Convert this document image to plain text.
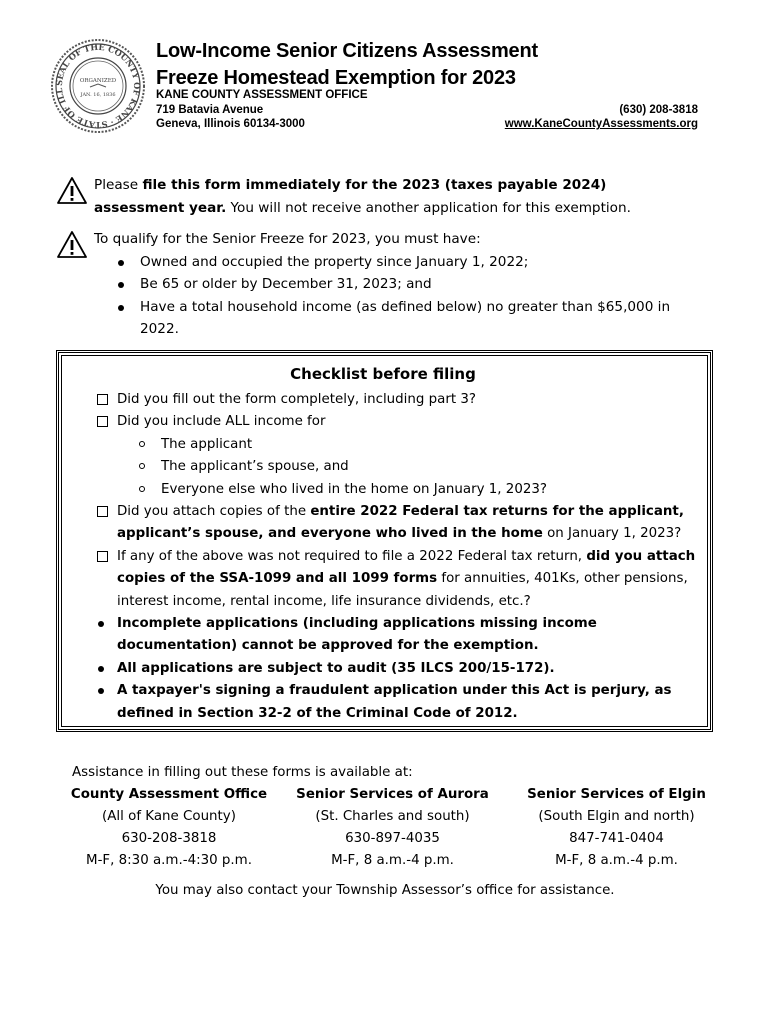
SEAL OF THE COUNTY OF KANE · STATE OF ILL
ORGANIZED
JAN. 16, 1836
Low-Income Senior Citizens Assessment
Freeze Homestead Exemption for 2023
KANE COUNTY ASSESSMENT OFFICE
719 Batavia Avenue	(630) 208-3818
Geneva, Illinois 60134-3000	www.KaneCountyAssessments.org
Please file this form immediately for the 2023 (taxes payable 2024) assessment year. You will not receive another application for this exemption.
To qualify for the Senior Freeze for 2023, you must have:
Owned and occupied the property since January 1, 2022;
Be 65 or older by December 31, 2023; and
Have a total household income (as defined below) no greater than $65,000 in 2022.
Checklist before filing
Did you fill out the form completely, including part 3?
Did you include ALL income for
The applicant
The applicant’s spouse, and
Everyone else who lived in the home on January 1, 2023?
Did you attach copies of the entire 2022 Federal tax returns for the applicant, applicant’s spouse, and everyone who lived in the home on January 1, 2023?
If any of the above was not required to file a 2022 Federal tax return, did you attach copies of the SSA-1099 and all 1099 forms for annuities, 401Ks, other pensions, interest income, rental income, life insurance dividends, etc.?
Incomplete applications (including applications missing income documentation) cannot be approved for the exemption.
All applications are subject to audit (35 ILCS 200/15-172).
A taxpayer's signing a fraudulent application under this Act is perjury, as defined in Section 32-2 of the Criminal Code of 2012.
Assistance in filling out these forms is available at:
County Assessment Office
(All of Kane County)
630-208-3818
M-F, 8:30 a.m.-4:30 p.m.
Senior Services of Aurora
(St. Charles and south)
630-897-4035
M-F, 8 a.m.-4 p.m.
Senior Services of Elgin
(South Elgin and north)
847-741-0404
M-F, 8 a.m.-4 p.m.
You may also contact your Township Assessor’s office for assistance.
